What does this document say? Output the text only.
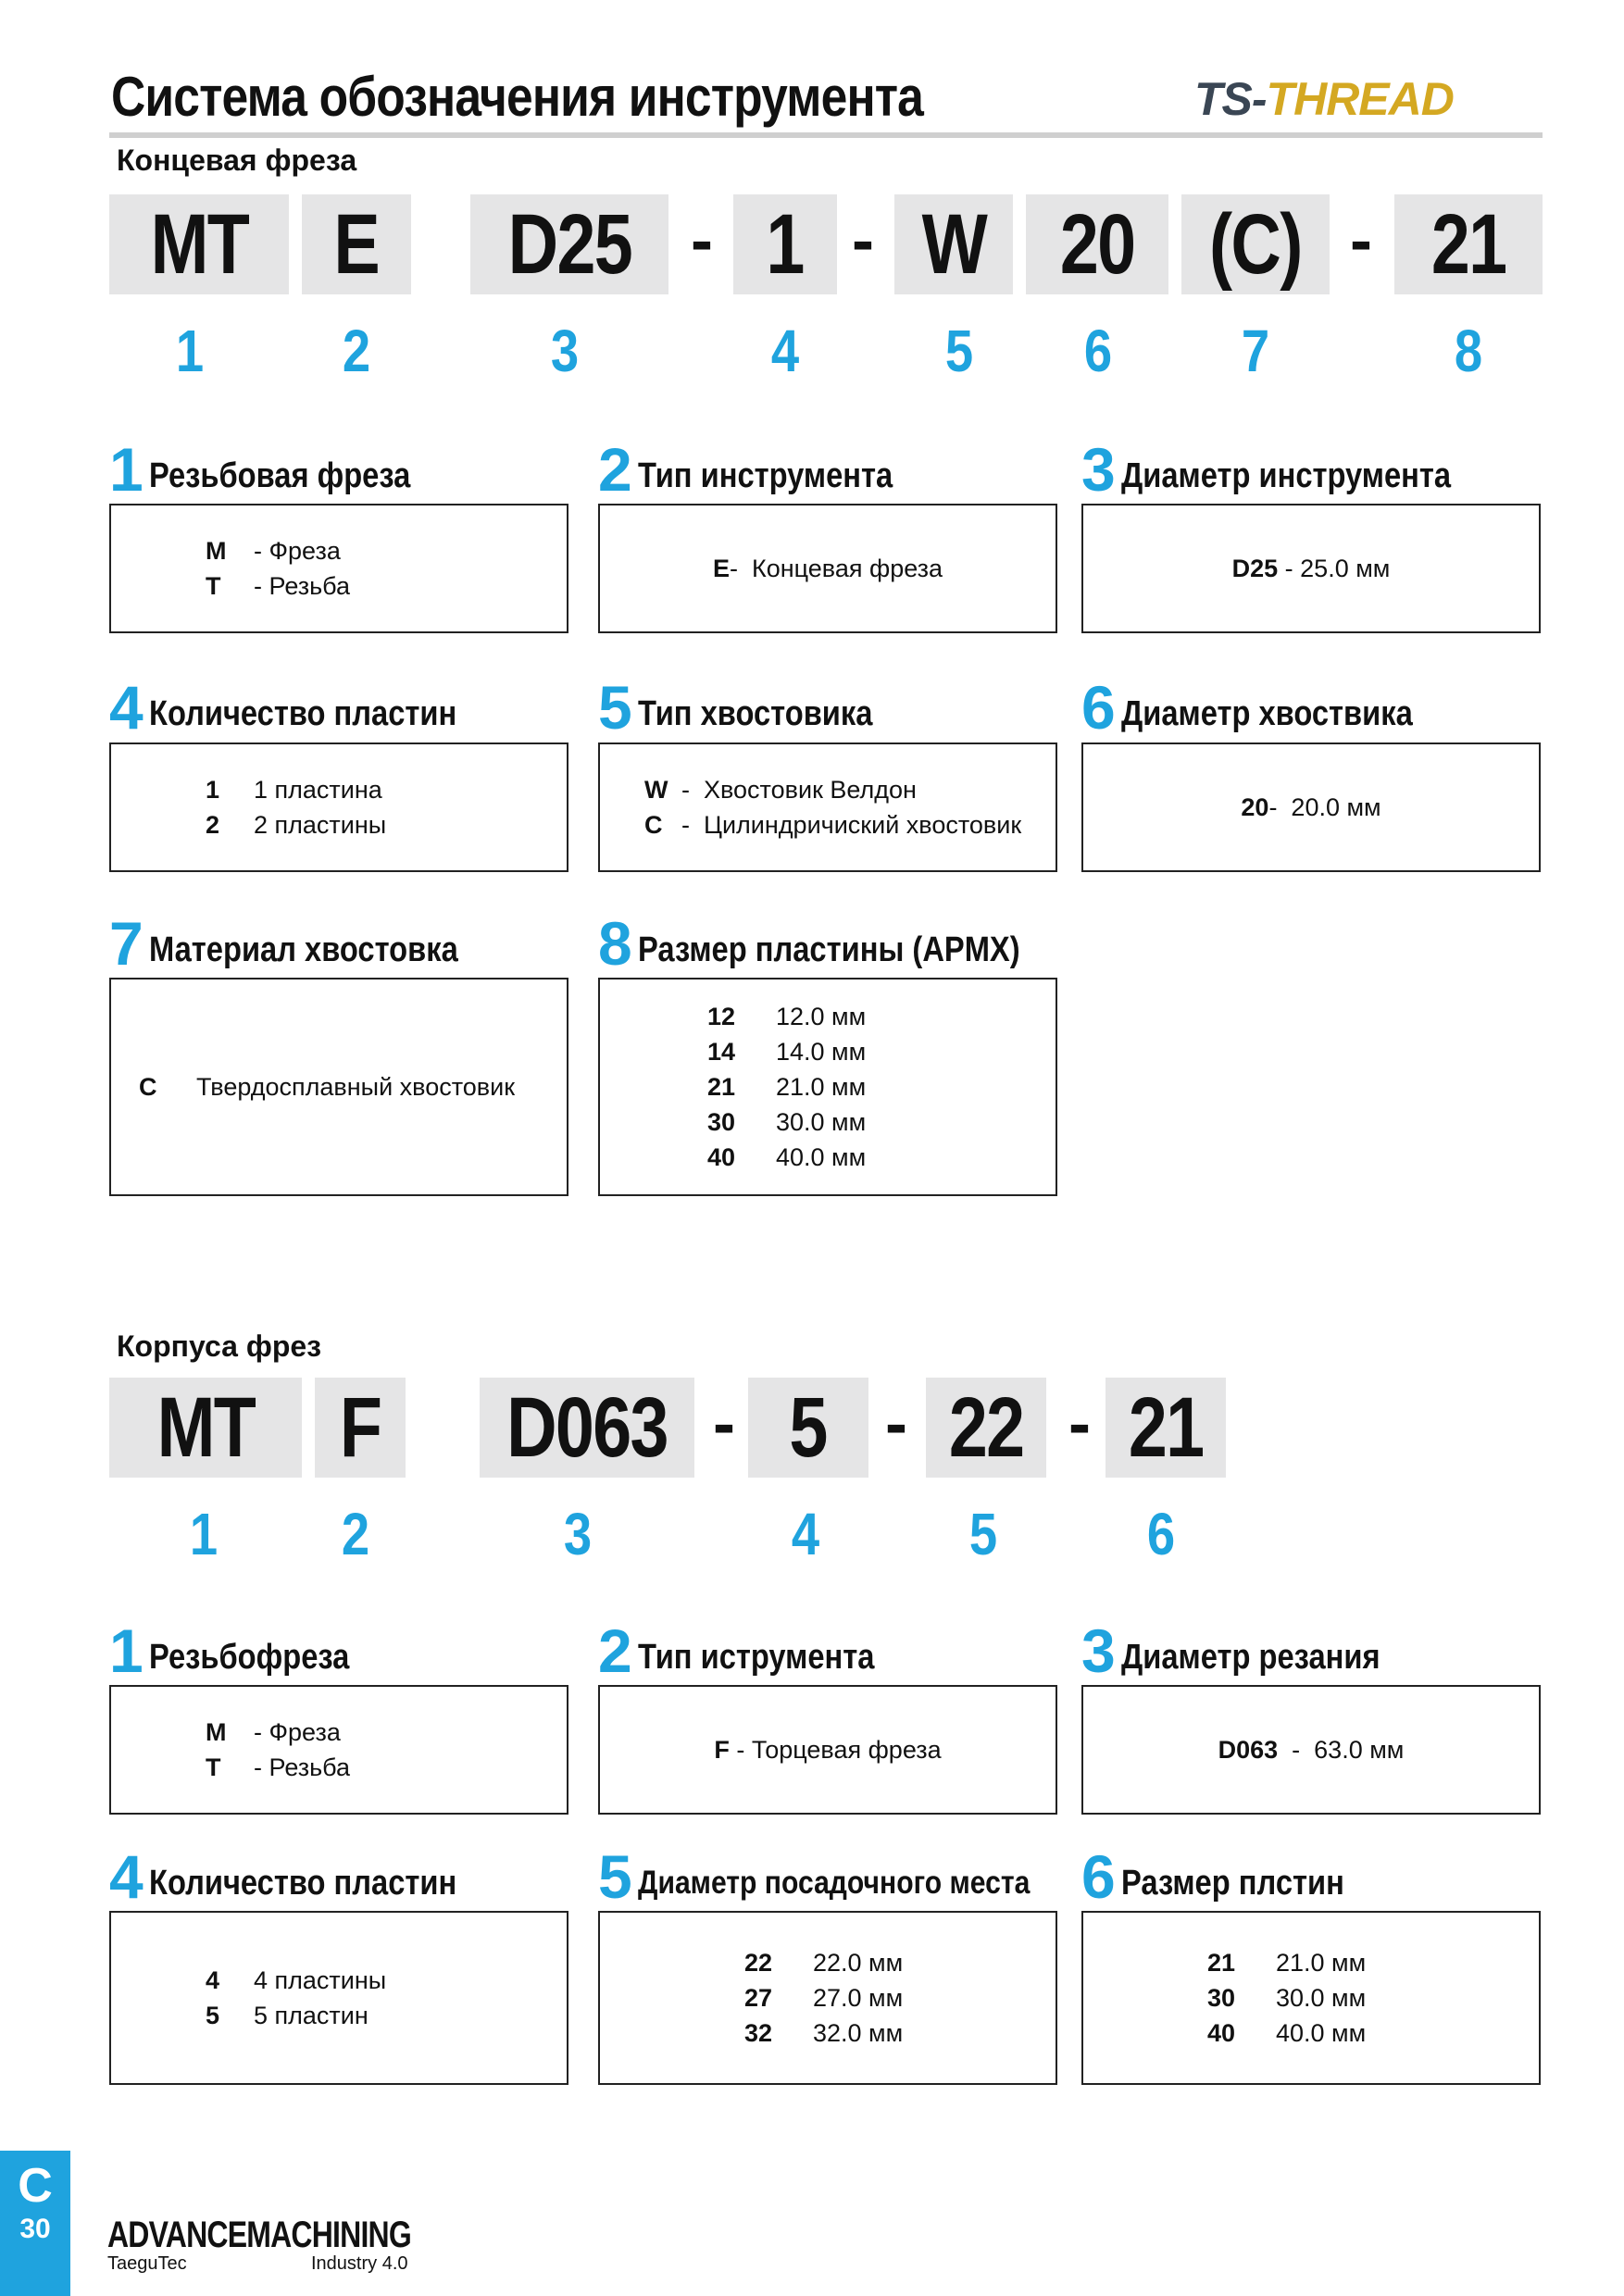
Система обозначения инструмента	TS-THREAD
Концевая фреза
MT E D25 - 1 - W 20 (C) - 21
1	2	3	4	5	6	7	8
1 Резьбовая фреза
M	- Фреза
T	- Резьба
2 Тип инструмента
E -  Концевая фреза
3 Диаметр инструмента
D25 - 25.0 мм
4 Количество пластин
1	1 пластина
2	2 пластины
5 Тип хвостовика
W -  Хвостовик Велдон
C -  Цилиндричиский хвостовик
6 Диаметр хвоствика
20 -  20.0 мм
7 Материал хвостовка
C	Твердосплавный хвостовик
8 Размер пластины (APMX)
12	12.0 мм
14	14.0 мм
21	21.0 мм
30	30.0 мм
40	40.0 мм
Корпуса фрез
MT F D063 - 5 - 22 - 21
1	2	3	4	5	6
1 Резьбофреза
M	- Фреза
T	- Резьба
2 Тип иструмента
F - Торцевая фреза
3 Диаметр резания
D063 -  63.0 мм
4 Количество пластин
4	4 пластины
5	5 пластин
5 Диаметр посадочного места
22	22.0 мм
27	27.0 мм
32	32.0 мм
6 Размер плстин
21	21.0 мм
30	30.0 мм
40	40.0 мм
C
30	ADVANCEMACHINING
TaeguTec	Industry 4.0
